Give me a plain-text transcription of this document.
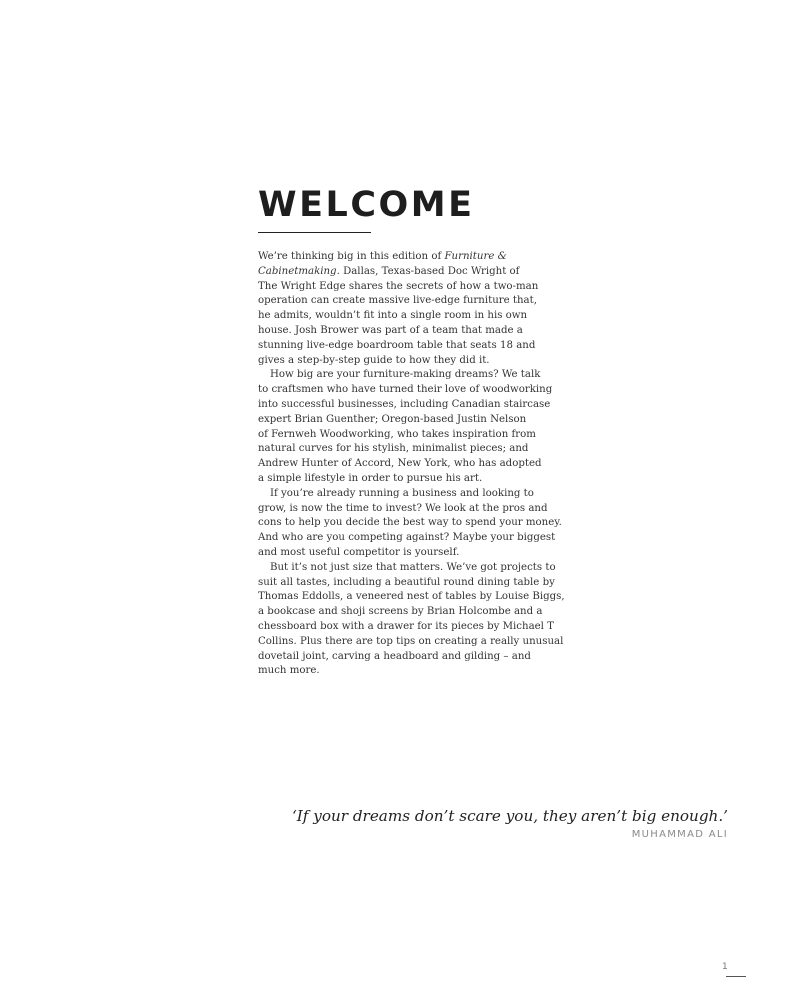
WELCOME

We’re thinking big in this edition of Furniture &

Cabinetmaking. Dallas, Texas-based Doc Wright of

The Wright Edge shares the secrets of how a two-man

operation can create massive live-edge furniture that,

he admits, wouldn’t fit into a single room in his own

house. Josh Brower was part of a team that made a

stunning live-edge boardroom table that seats 18 and

gives a step-by-step guide to how they did it.

How big are your furniture-making dreams? We talk

to craftsmen who have turned their love of woodworking

into successful businesses, including Canadian staircase

expert Brian Guenther; Oregon-based Justin Nelson

of Fernweh Woodworking, who takes inspiration from

natural curves for his stylish, minimalist pieces; and

Andrew Hunter of Accord, New York, who has adopted

a simple lifestyle in order to pursue his art.

If you’re already running a business and looking to

grow, is now the time to invest? We look at the pros and

cons to help you decide the best way to spend your money.

And who are you competing against? Maybe your biggest

and most useful competitor is yourself.

But it’s not just size that matters. We’ve got projects to

suit all tastes, including a beautiful round dining table by

Thomas Eddolls, a veneered nest of tables by Louise Biggs,

a bookcase and shoji screens by Brian Holcombe and a

chessboard box with a drawer for its pieces by Michael T

Collins. Plus there are top tips on creating a really unusual

dovetail joint, carving a headboard and gilding – and

much more.

‘If your dreams don’t scare you, they aren’t big enough.’

MUHAMMAD ALI
1
